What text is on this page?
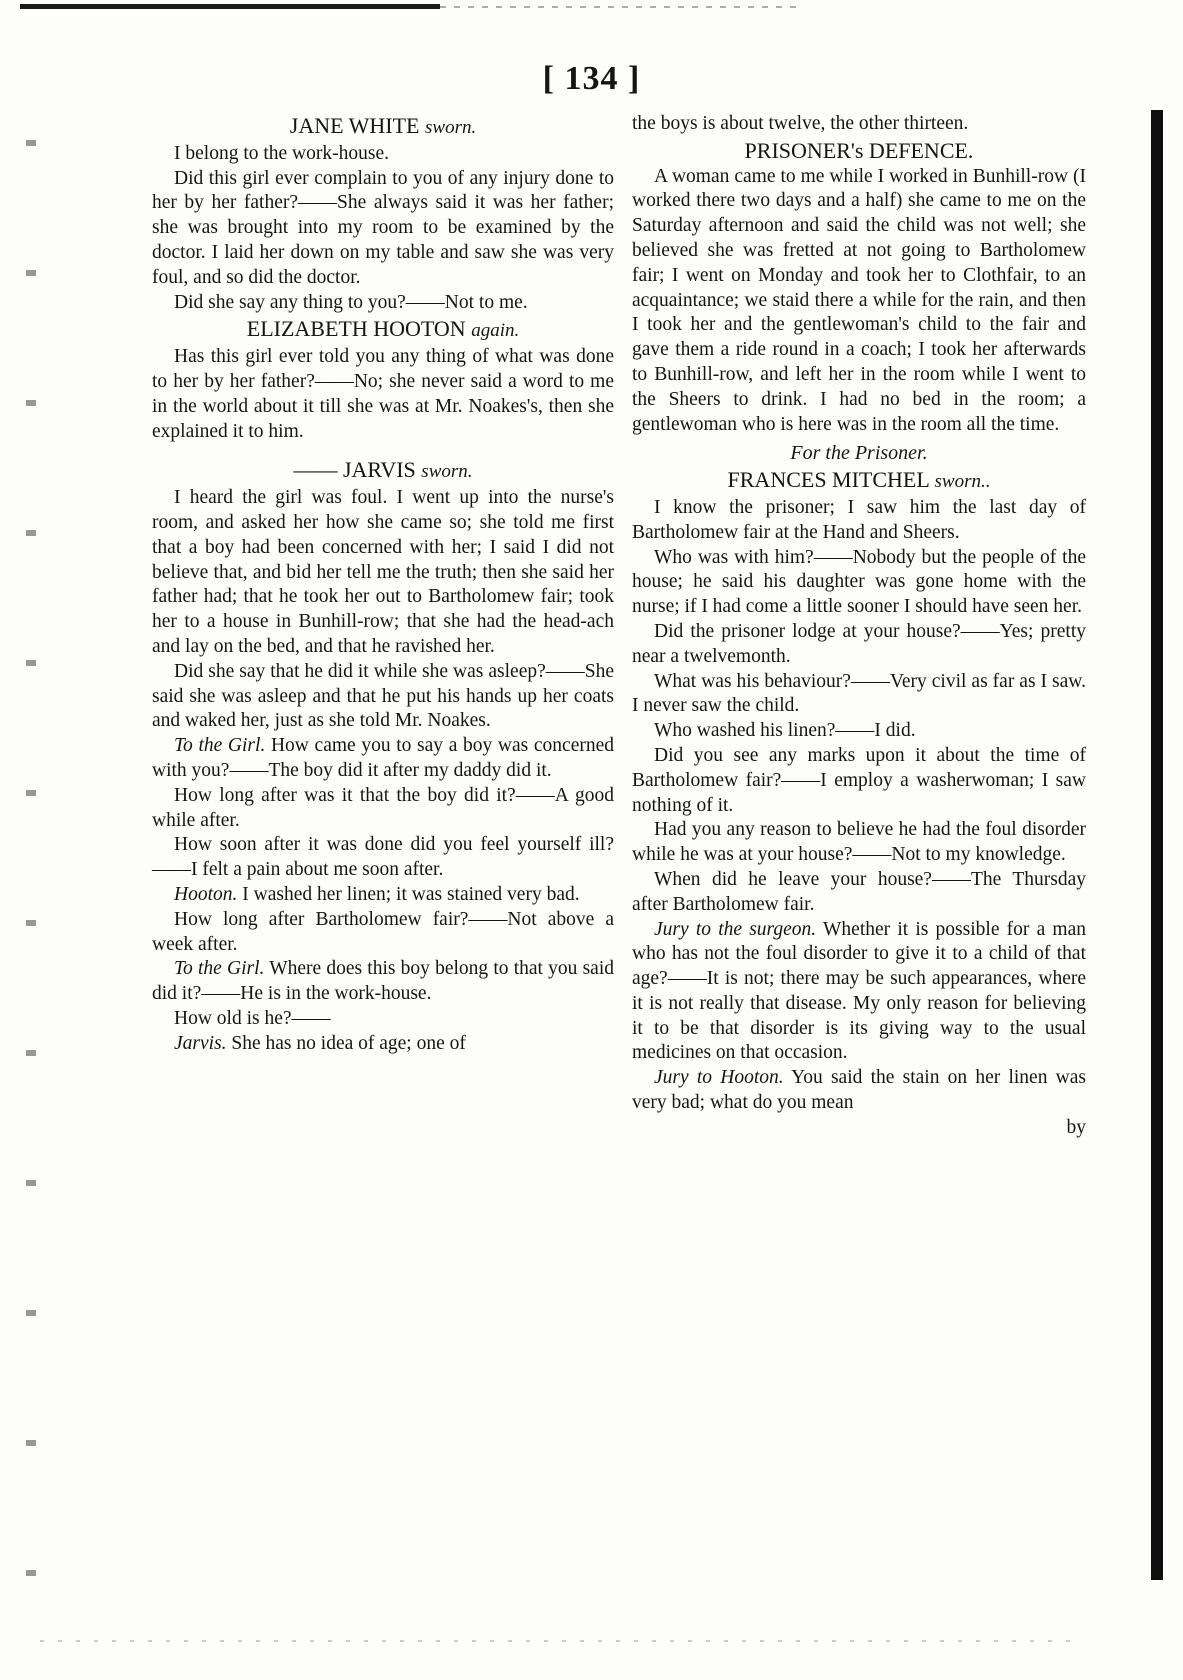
[ 134 ]
JANE WHITE sworn.

I belong to the work-house.

Did this girl ever complain to you of any injury done to her by her father?——She always said it was her father; she was brought into my room to be examined by the doctor. I laid her down on my table and saw she was very foul, and so did the doctor.

Did she say any thing to you?——Not to me.

ELIZABETH HOOTON again.

Has this girl ever told you any thing of what was done to her by her father?——No; she never said a word to me in the world about it till she was at Mr. Noakes's, then she explained it to him.

—— JARVIS sworn.

I heard the girl was foul. I went up into the nurse's room, and asked her how she came so; she told me first that a boy had been concerned with her; I said I did not believe that, and bid her tell me the truth; then she said her father had; that he took her out to Bartholomew fair; took her to a house in Bunhill-row; that she had the head-ach and lay on the bed, and that he ravished her.

Did she say that he did it while she was asleep?——She said she was asleep and that he put his hands up her coats and waked her, just as she told Mr. Noakes.

To the Girl. How came you to say a boy was concerned with you?——The boy did it after my daddy did it.

How long after was it that the boy did it?——A good while after.

How soon after it was done did you feel yourself ill?——I felt a pain about me soon after.

Hooton. I washed her linen; it was stained very bad.

How long after Bartholomew fair?——Not above a week after.

To the Girl. Where does this boy belong to that you said did it?——He is in the work-house.

How old is he?——

Jarvis. She has no idea of age; one of

the boys is about twelve, the other thirteen.

PRISONER's DEFENCE.

A woman came to me while I worked in Bunhill-row (I worked there two days and a half) she came to me on the Saturday afternoon and said the child was not well; she believed she was fretted at not going to Bartholomew fair; I went on Monday and took her to Clothfair, to an acquaintance; we staid there a while for the rain, and then I took her and the gentlewoman's child to the fair and gave them a ride round in a coach; I took her afterwards to Bunhill-row, and left her in the room while I went to the Sheers to drink. I had no bed in the room; a gentlewoman who is here was in the room all the time.

For the Prisoner.
FRANCES MITCHEL sworn..

I know the prisoner; I saw him the last day of Bartholomew fair at the Hand and Sheers.

Who was with him?——Nobody but the people of the house; he said his daughter was gone home with the nurse; if I had come a little sooner I should have seen her.

Did the prisoner lodge at your house?——Yes; pretty near a twelvemonth.

What was his behaviour?——Very civil as far as I saw. I never saw the child.

Who washed his linen?——I did.

Did you see any marks upon it about the time of Bartholomew fair?——I employ a washerwoman; I saw nothing of it.

Had you any reason to believe he had the foul disorder while he was at your house?——Not to my knowledge.

When did he leave your house?——The Thursday after Bartholomew fair.

Jury to the surgeon. Whether it is possible for a man who has not the foul disorder to give it to a child of that age?——It is not; there may be such appearances, where it is not really that disease. My only reason for believing it to be that disorder is its giving way to the usual medicines on that occasion.

Jury to Hooton. You said the stain on her linen was very bad; what do you mean

by
